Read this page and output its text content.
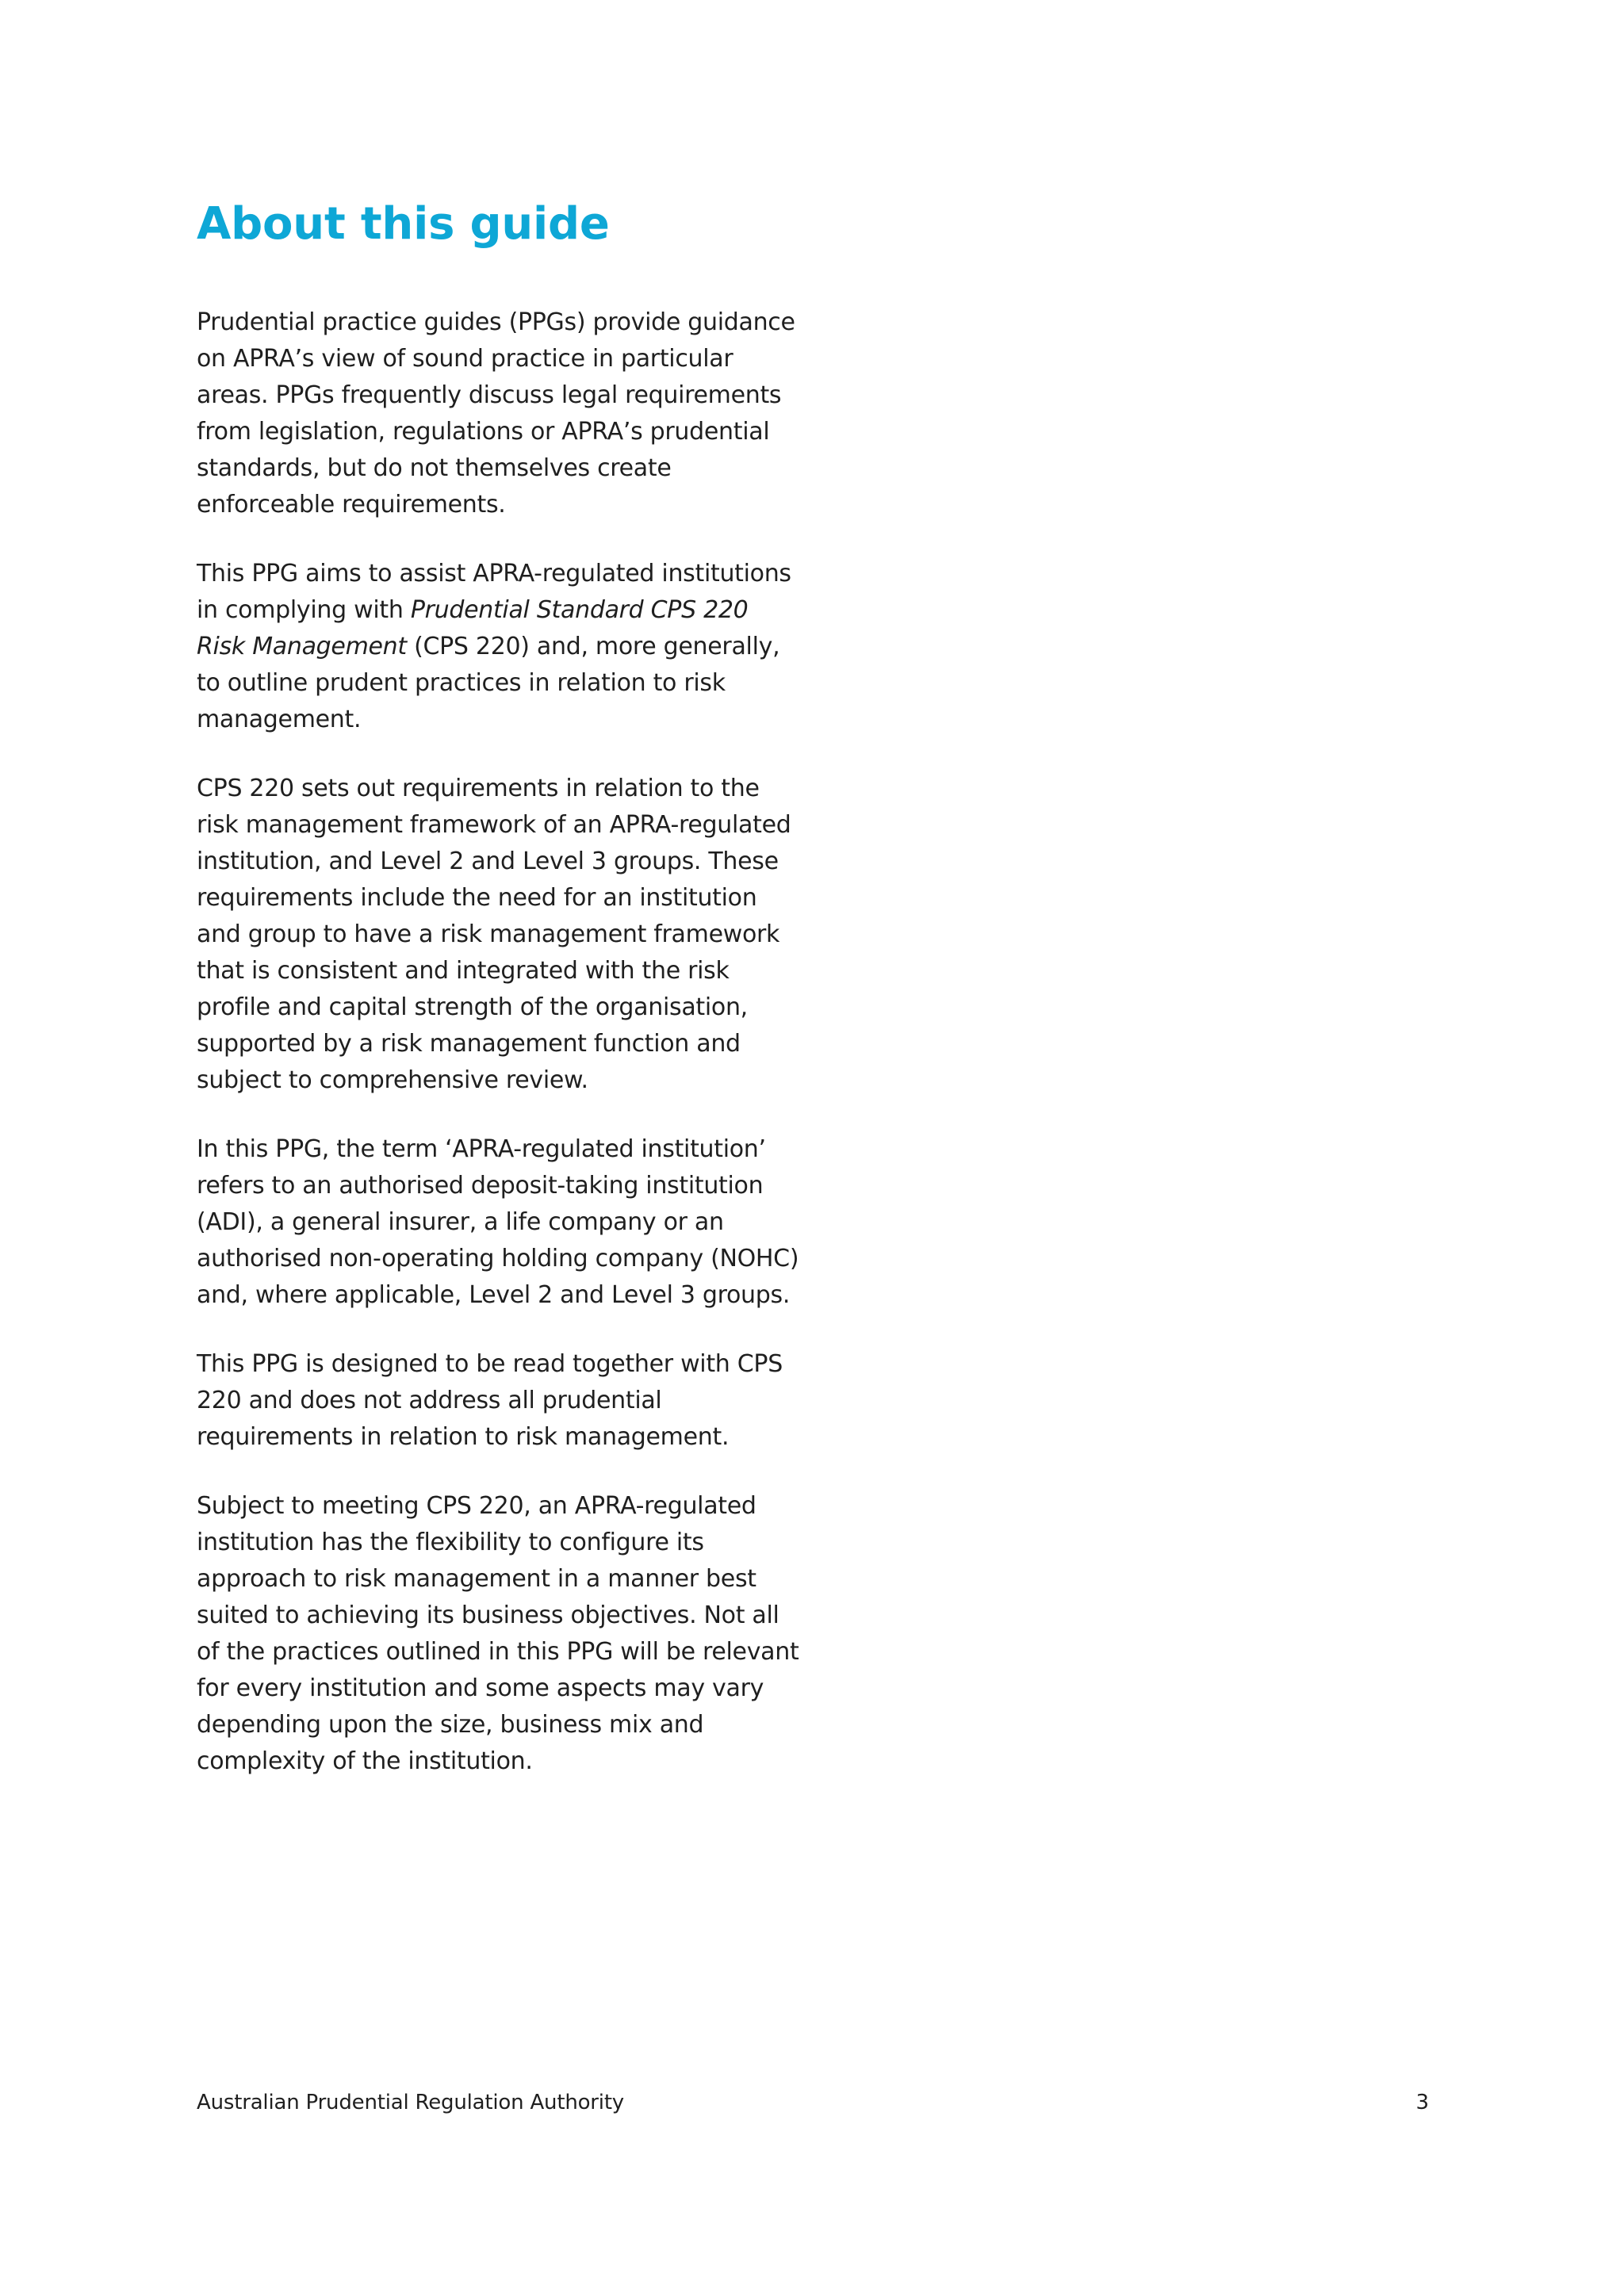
About this guide

Prudential practice guides (PPGs) provide guidance on APRA’s view of sound practice in particular areas. PPGs frequently discuss legal requirements from legislation, regulations or APRA’s prudential standards, but do not themselves create enforceable requirements.

This PPG aims to assist APRA-regulated institutions in complying with Prudential Standard CPS 220 Risk Management (CPS 220) and, more generally, to outline prudent practices in relation to risk management.

CPS 220 sets out requirements in relation to the risk management framework of an APRA-regulated institution, and Level 2 and Level 3 groups. These requirements include the need for an institution and group to have a risk management framework that is consistent and integrated with the risk profile and capital strength of the organisation, supported by a risk management function and subject to comprehensive review.

In this PPG, the term ‘APRA-regulated institution’ refers to an authorised deposit-taking institution (ADI), a general insurer, a life company or an authorised non-operating holding company (NOHC) and, where applicable, Level 2 and Level 3 groups.

This PPG is designed to be read together with CPS 220 and does not address all prudential requirements in relation to risk management.

Subject to meeting CPS 220, an APRA-regulated institution has the flexibility to configure its approach to risk management in a manner best suited to achieving its business objectives. Not all of the practices outlined in this PPG will be relevant for every institution and some aspects may vary depending upon the size, business mix and complexity of the institution.

Australian Prudential Regulation Authority	3
